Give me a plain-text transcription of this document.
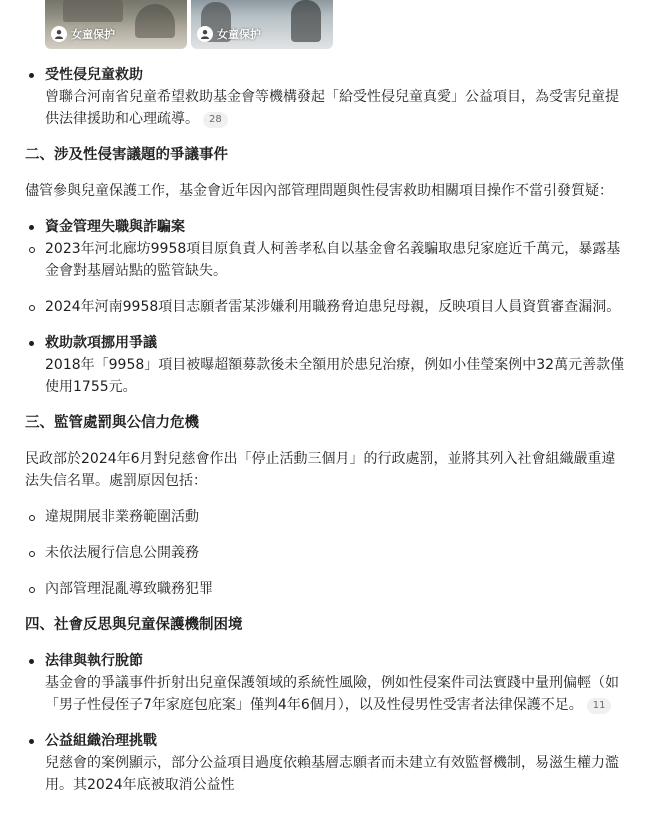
女童保护	女童保护
受性侵兒童救助
曾聯合河南省兒童希望救助基金會等機構發起「給受性侵兒童真愛」公益項目，為受害兒童提供法律援助和心理疏導。 28
二、涉及性侵害議題的爭議事件
儘管參與兒童保護工作，基金會近年因內部管理問題與性侵害救助相關項目操作不當引發質疑：
資金管理失職與詐騙案
2023年河北廊坊9958項目原負責人柯善孝私自以基金會名義騙取患兒家庭近千萬元，暴露基金會對基層站點的監管缺失。
2024年河南9958項目志願者雷某涉嫌利用職務脅迫患兒母親，反映項目人員資質審查漏洞。
救助款項挪用爭議
2018年「9958」項目被曝超額募款後未全額用於患兒治療，例如小佳瑩案例中32萬元善款僅使用1755元。
三、監管處罰與公信力危機
民政部於2024年6月對兒慈會作出「停止活動三個月」的行政處罰，並將其列入社會組織嚴重違法失信名單。處罰原因包括：
違規開展非業務範圍活動
未依法履行信息公開義務
內部管理混亂導致職務犯罪
四、社會反思與兒童保護機制困境
法律與執行脫節
基金會的爭議事件折射出兒童保護領域的系統性風險，例如性侵案件司法實踐中量刑偏輕（如「男子性侵侄子7年家庭包庇案」僅判4年6個月），以及性侵男性受害者法律保護不足。 11
公益組織治理挑戰
兒慈會的案例顯示，部分公益項目過度依賴基層志願者而未建立有效監督機制，易滋生權力濫用。其2024年底被取消公益性
